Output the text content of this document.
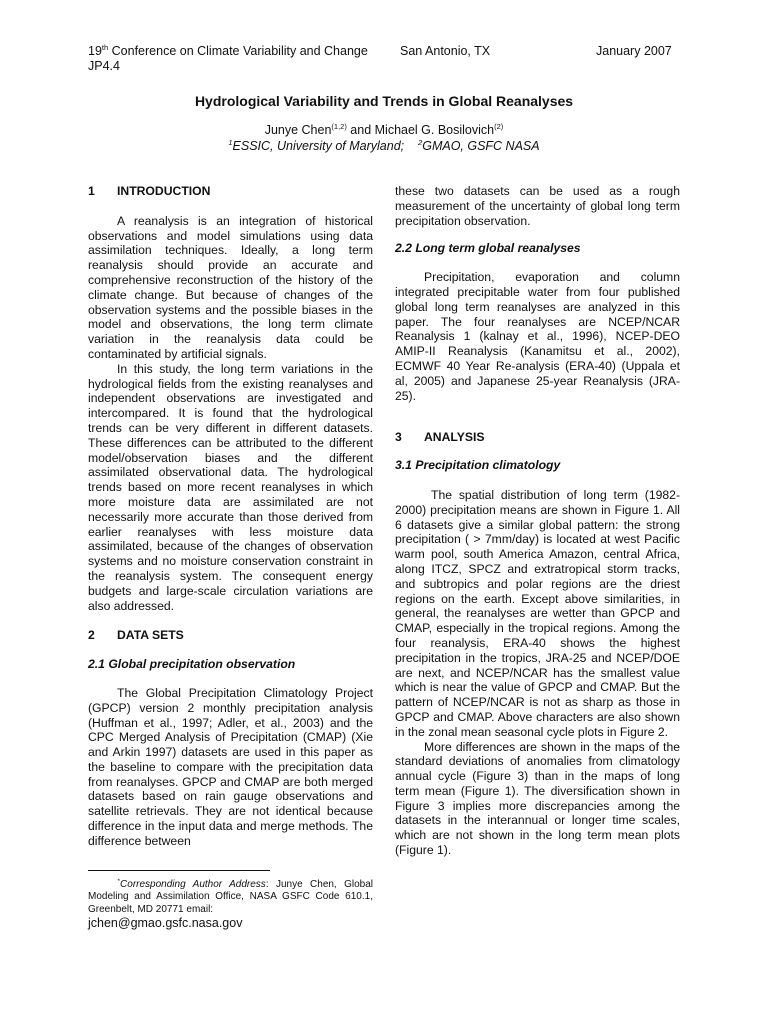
19th Conference on Climate Variability and Change	San Antonio, TX	January 2007
JP4.4
Hydrological Variability and Trends in Global Reanalyses
Junye Chen$^{(1,2)}$ and Michael G. Bosilovich$^{(2)}$
$^1$ESSIC, University of Maryland; $^2$GMAO, GSFC NASA
1 INTRODUCTION

A reanalysis is an integration of historical observations and model simulations using data assimilation techniques. Ideally, a long term reanalysis should provide an accurate and comprehensive reconstruction of the history of the climate change. But because of changes of the observation systems and the possible biases in the model and observations, the long term climate variation in the reanalysis data could be contaminated by artificial signals.

In this study, the long term variations in the hydrological fields from the existing reanalyses and independent observations are investigated and intercompared. It is found that the hydrological trends can be very different in different datasets. These differences can be attributed to the different model/observation biases and the different assimilated observational data. The hydrological trends based on more recent reanalyses in which more moisture data are assimilated are not necessarily more accurate than those derived from earlier reanalyses with less moisture data assimilated, because of the changes of observation systems and no moisture conservation constraint in the reanalysis system. The consequent energy budgets and large-scale circulation variations are also addressed.

2 DATA SETS
2.1 Global precipitation observation

The Global Precipitation Climatology Project (GPCP) version 2 monthly precipitation analysis (Huffman et al., 1997; Adler, et al., 2003) and the CPC Merged Analysis of Precipitation (CMAP) (Xie and Arkin 1997) datasets are used in this paper as the baseline to compare with the precipitation data from reanalyses. GPCP and CMAP are both merged datasets based on rain gauge observations and satellite retrievals. They are not identical because difference in the input data and merge methods. The difference between

these two datasets can be used as a rough measurement of the uncertainty of global long term precipitation observation.

2.2 Long term global reanalyses

Precipitation, evaporation and column integrated precipitable water from four published global long term reanalyses are analyzed in this paper. The four reanalyses are NCEP/NCAR Reanalysis 1 (kalnay et al., 1996), NCEP-DEO AMIP-II Reanalysis (Kanamitsu et al., 2002), ECMWF 40 Year Re-analysis (ERA-40) (Uppala et al, 2005) and Japanese 25-year Reanalysis (JRA-25).

3 ANALYSIS
3.1 Precipitation climatology

The spatial distribution of long term (1982-2000) precipitation means are shown in Figure 1. All 6 datasets give a similar global pattern: the strong precipitation ( > 7mm/day) is located at west Pacific warm pool, south America Amazon, central Africa, along ITCZ, SPCZ and extratropical storm tracks, and subtropics and polar regions are the driest regions on the earth. Except above similarities, in general, the reanalyses are wetter than GPCP and CMAP, especially in the tropical regions. Among the four reanalysis, ERA-40 shows the highest precipitation in the tropics, JRA-25 and NCEP/DOE are next, and NCEP/NCAR has the smallest value which is near the value of GPCP and CMAP. But the pattern of NCEP/NCAR is not as sharp as those in GPCP and CMAP. Above characters are also shown in the zonal mean seasonal cycle plots in Figure 2.

More differences are shown in the maps of the standard deviations of anomalies from climatology annual cycle (Figure 3) than in the maps of long term mean (Figure 1). The diversification shown in Figure 3 implies more discrepancies among the datasets in the interannual or longer time scales, which are not shown in the long term mean plots (Figure 1).

*Corresponding Author Address: Junye Chen, Global Modeling and Assimilation Office, NASA GSFC Code 610.1, Greenbelt, MD 20771 email:
jchen@gmao.gsfc.nasa.gov
